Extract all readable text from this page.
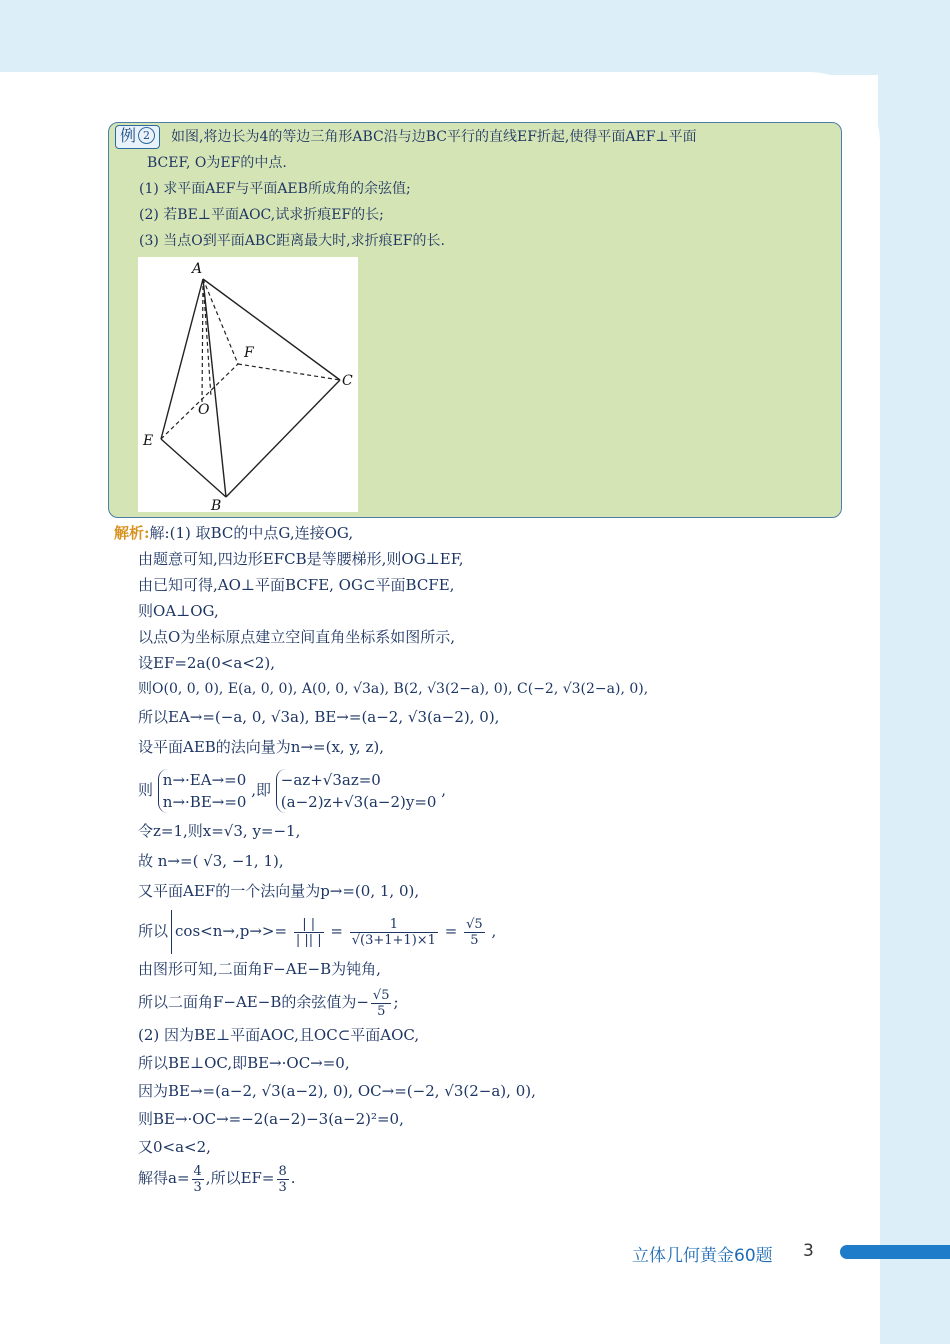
例 2	如图,将边长为4的等边三角形ABC沿与边BC平行的直线EF折起,使得平面AEF⊥平面
BCEF, O为EF的中点.
(1) 求平面AEF与平面AEB所成角的余弦值;
(2) 若BE⊥平面AOC,试求折痕EF的长;
(3) 当点O到平面ABC距离最大时,求折痕EF的长.
A
F
C
O
E
B
解析:解:(1) 取BC的中点G,连接OG,
由题意可知,四边形EFCB是等腰梯形,则OG⊥EF,
由已知可得,AO⊥平面BCFE, OG⊂平面BCFE,
则OA⊥OG,
以点O为坐标原点建立空间直角坐标系如图所示,
设EF=2a(0<a<2),
则O(0, 0, 0), E(a, 0, 0), A(0, 0, √3a), B(2, √3(2−a), 0), C(−2, √3(2−a), 0),
所以EA→=(−a, 0, √3a), BE→=(a−2, √3(a−2), 0),
设平面AEB的法向量为n→=(x, y, z),
则
n→·EA→=0
n→·BE→=0
,即
−az+√3az=0
(a−2)z+√3(a−2)y=0
,
令z=1,则x=√3, y=−1,
故 n→=( √3, −1, 1),
又平面AEF的一个法向量为p→=(0, 1, 0),
所以 $\cos<n\to,p\to>= \frac{| |}{| || |} = \frac{1}{√(3+1+1)\times 1} = \frac{√5}{5}$ ,
由图形可知,二面角F−AE−B为钝角,
所以二面角F−AE−B的余弦值为− $\frac{√5}{5}$ ;
(2) 因为BE⊥平面AOC,且OC⊂平面AOC,
所以BE⊥OC,即BE→·OC→=0,
因为BE→=(a−2, √3(a−2), 0), OC→=(−2, √3(2−a), 0),
则BE→·OC→=−2(a−2)−3(a−2)²=0,
又0<a<2,
解得$a= \frac{4}{3}$ ,所以$EF= \frac{8}{3}$ .
立体几何黄金60题 3
